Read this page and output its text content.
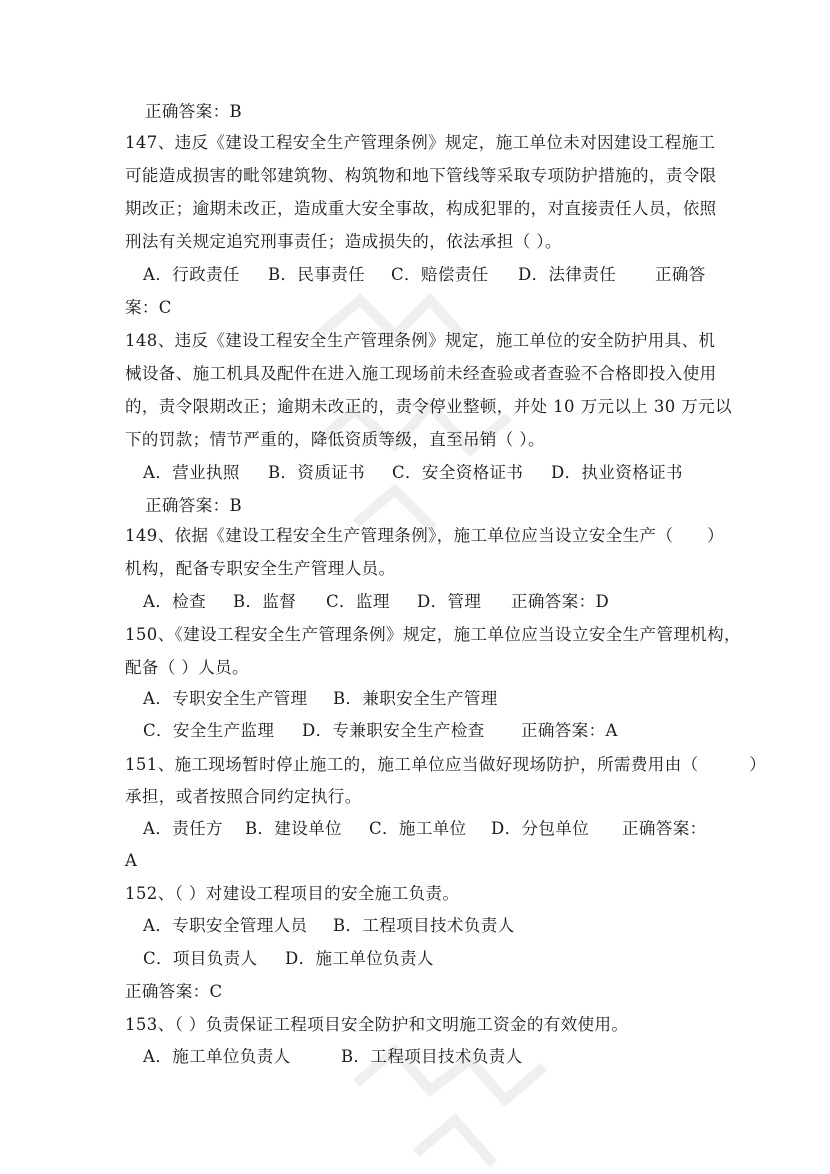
正确答案：B
147、违反《建设工程安全生产管理条例》规定，施工单位未对因建设工程施工
可能造成损害的毗邻建筑物、构筑物和地下管线等采取专项防护措施的，责令限
期改正；逾期未改正，造成重大安全事故，构成犯罪的，对直接责任人员，依照
刑法有关规定追究刑事责任；造成损失的，依法承担（ ）。
A．行政责任 B．民事责任 C．赔偿责任 D．法律责任 正确答
案：C
148、违反《建设工程安全生产管理条例》规定，施工单位的安全防护用具、机
械设备、施工机具及配件在进入施工现场前未经查验或者查验不合格即投入使用
的，责令限期改正；逾期未改正的，责令停业整顿，并处 10 万元以上 30 万元以
下的罚款；情节严重的，降低资质等级，直至吊销（ ）。
A．营业执照 B．资质证书 C．安全资格证书 D．执业资格证书
正确答案：B
149、依据《建设工程安全生产管理条例》，施工单位应当设立安全生产（　　）
机构，配备专职安全生产管理人员。
A．检查 B．监督 C．监理 D．管理 正确答案：D
150、《建设工程安全生产管理条例》规定，施工单位应当设立安全生产管理机构，
配备（ ）人员。
A．专职安全生产管理 B．兼职安全生产管理
C．安全生产监理 D．专兼职安全生产检查 正确答案：A
151、施工现场暂时停止施工的，施工单位应当做好现场防护，所需费用由（　　　）
承担，或者按照合同约定执行。
A．责任方 B．建设单位 C．施工单位 D．分包单位 正确答案：
A
152、（ ）对建设工程项目的安全施工负责。
A．专职安全管理人员 B．工程项目技术负责人
C．项目负责人 D．施工单位负责人
正确答案：C
153、（ ）负责保证工程项目安全防护和文明施工资金的有效使用。
A．施工单位负责人	B．工程项目技术负责人
